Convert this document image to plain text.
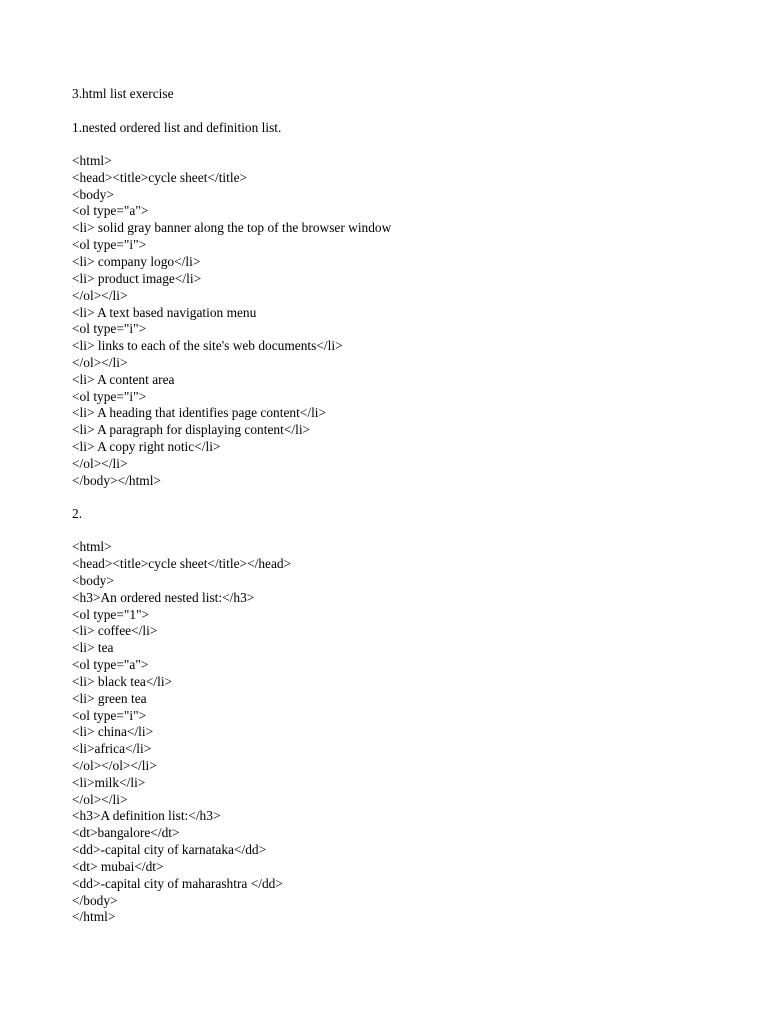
3.html list exercise
1.nested ordered list and definition list.
<html>
<head><title>cycle sheet</title>
<body>
<ol type="a">
<li> solid gray banner along the top of the browser window
<ol type="i">
<li> company logo</li>
<li> product image</li>
</ol></li>
<li> A text based navigation menu
<ol type="i">
<li> links to each of the site's web documents</li>
</ol></li>
<li> A content area
<ol type="i">
<li> A heading that identifies page content</li>
<li> A paragraph for displaying content</li>
<li> A copy right notic</li>
</ol></li>
</body></html>
2.
<html>
<head><title>cycle sheet</title></head>
<body>
<h3>An ordered nested list:</h3>
<ol type="1">
<li> coffee</li>
<li> tea
<ol type="a">
<li> black tea</li>
<li> green tea
<ol type="i">
<li> china</li>
<li>africa</li>
</ol></ol></li>
<li>milk</li>
</ol></li>
<h3>A definition list:</h3>
<dt>bangalore</dt>
<dd>-capital city of karnataka</dd>
<dt> mubai</dt>
<dd>-capital city of maharashtra </dd>
</body>
</html>
